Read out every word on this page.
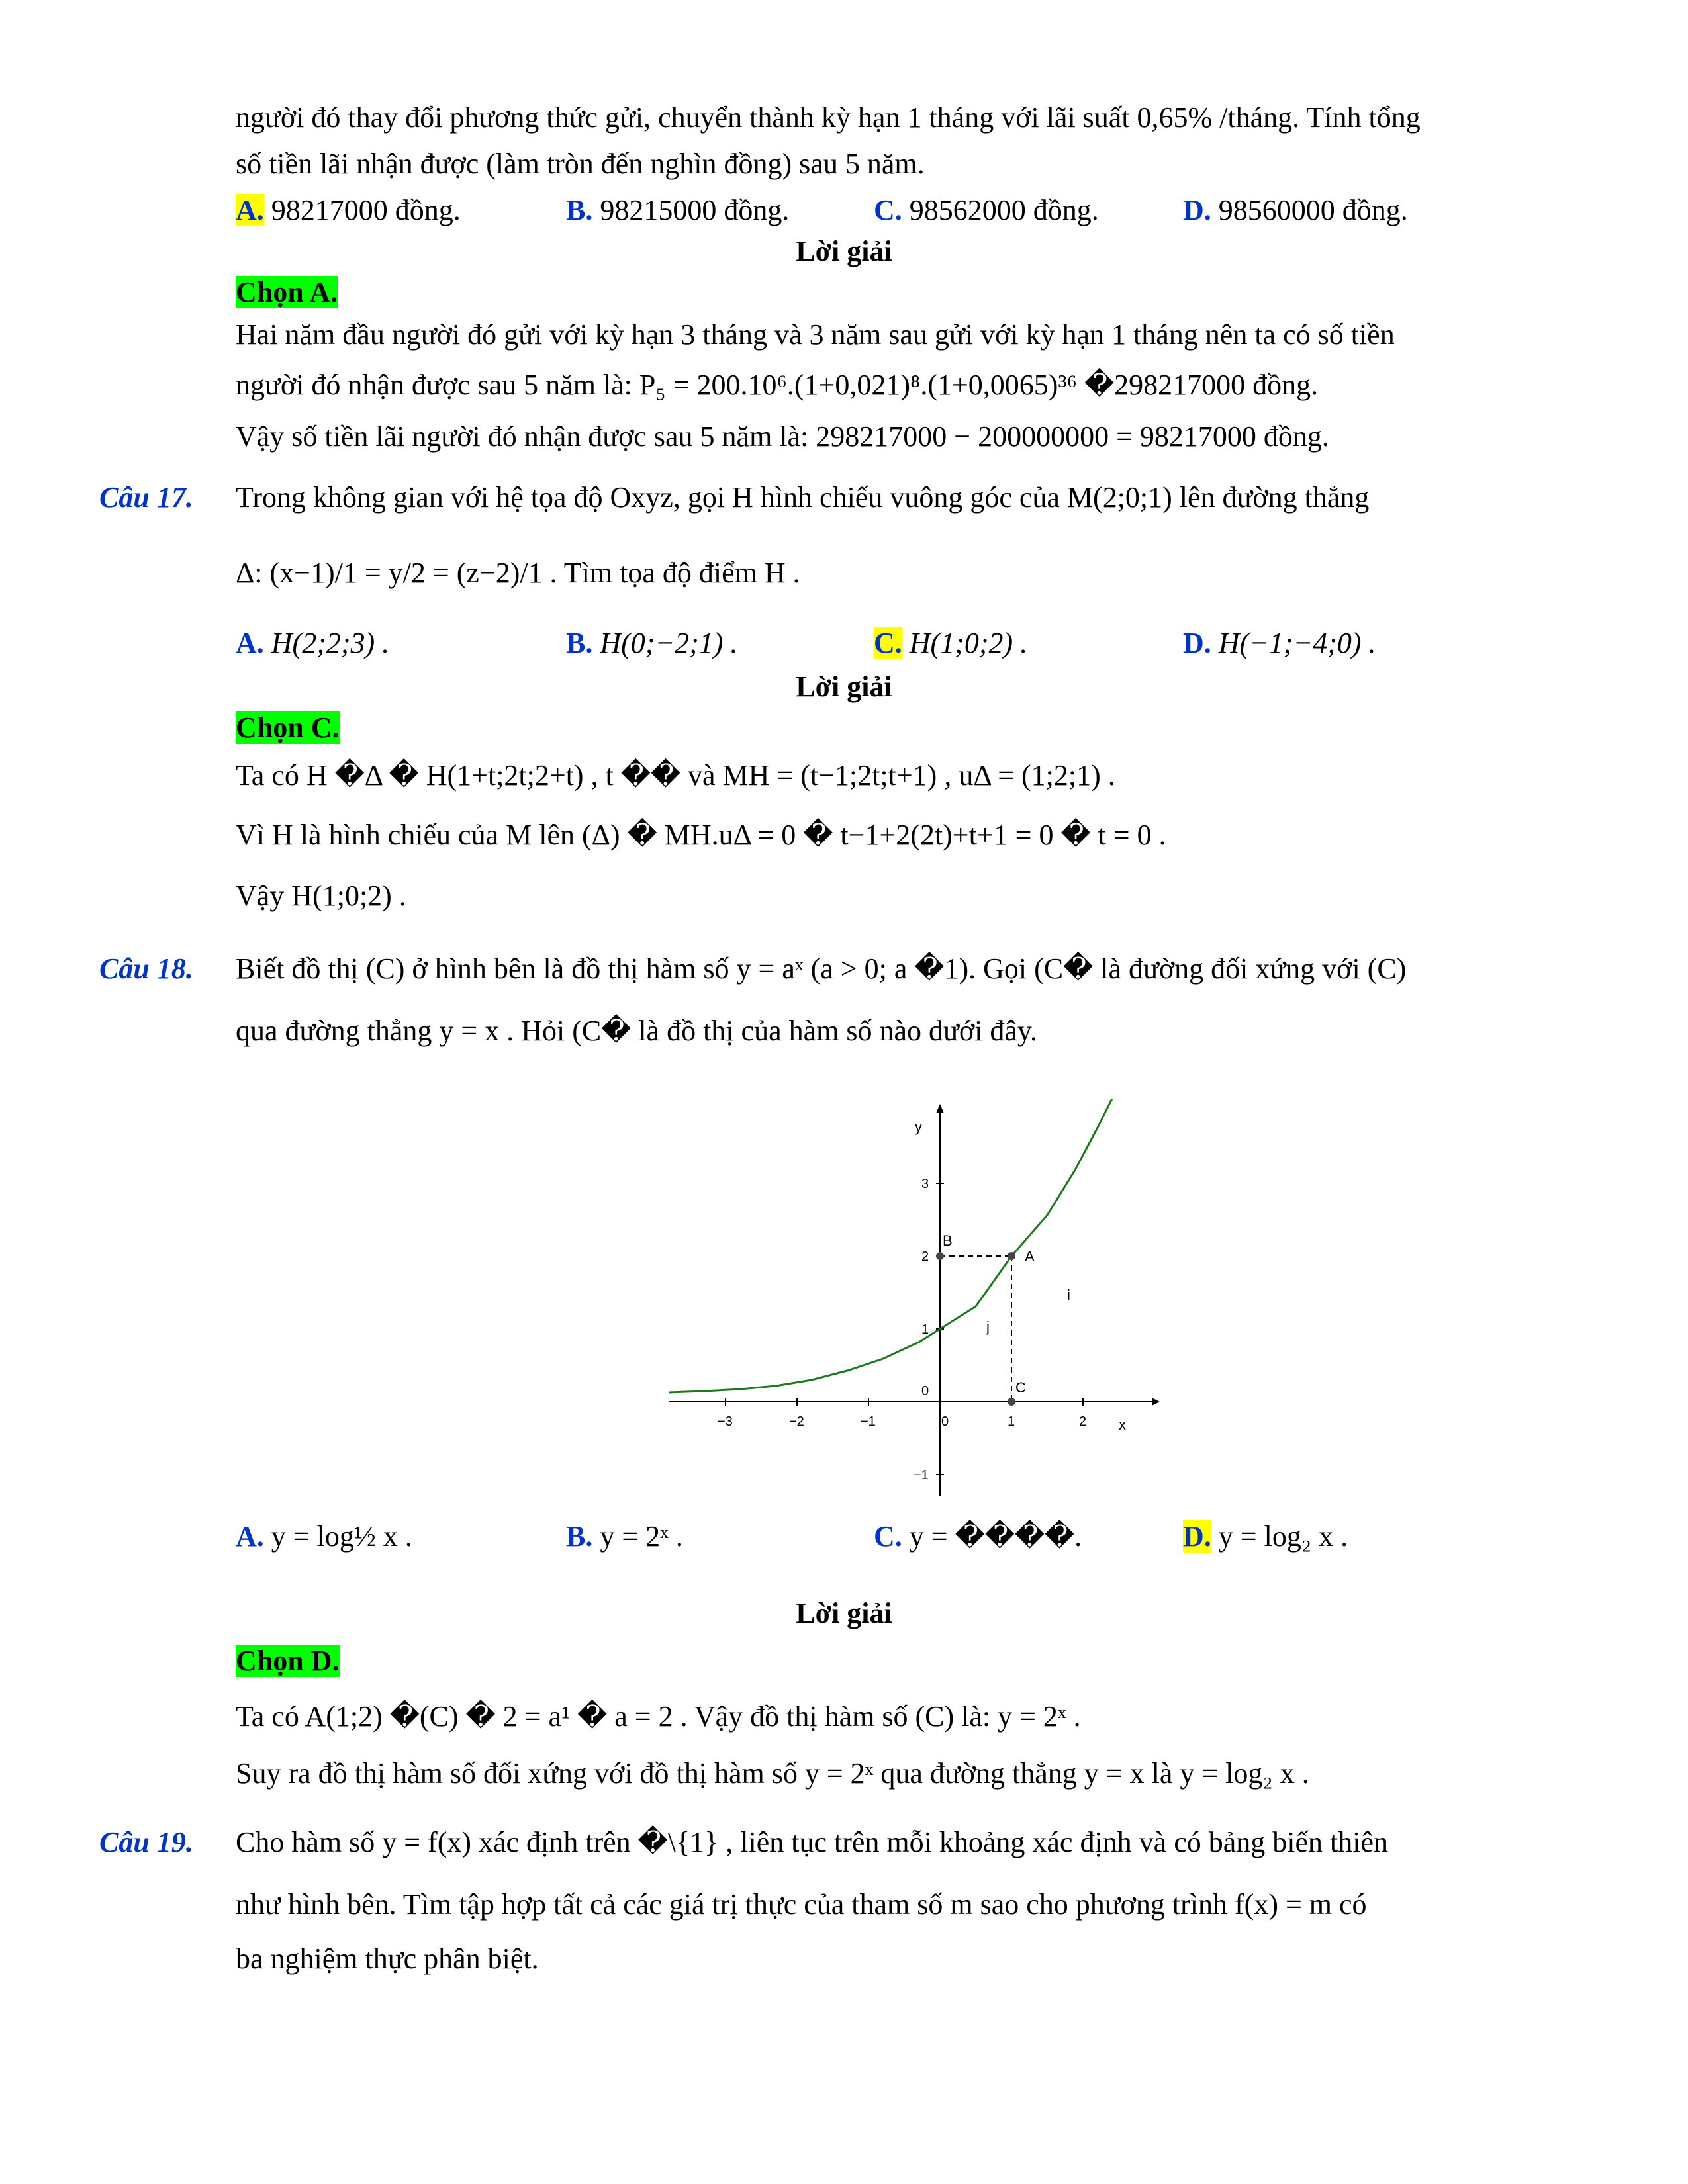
người đó thay đổi phương thức gửi, chuyển thành kỳ hạn 1 tháng với lãi suất 0,65% /tháng. Tính tổng
số tiền lãi nhận được (làm tròn đến nghìn đồng) sau 5 năm.
A. 98217000 đồng.	B. 98215000 đồng.	C. 98562000 đồng.	D. 98560000 đồng.
Lời giải
Chọn A.
Hai năm đầu người đó gửi với kỳ hạn 3 tháng và 3 năm sau gửi với kỳ hạn 1 tháng nên ta có số tiền
người đó nhận được sau 5 năm là: P₅ = 200.10⁶.(1+0,021)⁸.(1+0,0065)³⁶ �298217000 đồng.
Vậy số tiền lãi người đó nhận được sau 5 năm là: 298217000 − 200000000 = 98217000 đồng.
Câu 17. Trong không gian với hệ tọa độ Oxyz, gọi H hình chiếu vuông góc của M(2;0;1) lên đường thẳng
Δ: (x−1)/1 = y/2 = (z−2)/1 . Tìm tọa độ điểm H .
A. H(2;2;3) .	B. H(0;−2;1) .	C. H(1;0;2) .	D. H(−1;−4;0) .
Lời giải
Chọn C.
Ta có H �Δ � H(1+t;2t;2+t) , t �� và MH = (t−1;2t;t+1) , uΔ = (1;2;1) .
Vì H là hình chiếu của M lên (Δ) � MH.uΔ = 0 � t−1+2(2t)+t+1 = 0 � t = 0 .
Vậy H(1;0;2) .
Câu 18. Biết đồ thị (C) ở hình bên là đồ thị hàm số y = aˣ (a > 0; a �1). Gọi (C� là đường đối xứng với (C)
qua đường thẳng y = x . Hỏi (C� là đồ thị của hàm số nào dưới đây.
y
x
−3	−2	−1	0	1	2
3
2
1
0
−1
B
A
C
i
j
A. y = log½ x .	B. y = 2ˣ .	C. y = ����.	D. y = log₂ x .
Lời giải
Chọn D.
Ta có A(1;2) �(C) � 2 = a¹ � a = 2 . Vậy đồ thị hàm số (C) là: y = 2ˣ .
Suy ra đồ thị hàm số đối xứng với đồ thị hàm số y = 2ˣ qua đường thẳng y = x là y = log₂ x .
Câu 19. Cho hàm số y = f(x) xác định trên �\{1} , liên tục trên mỗi khoảng xác định và có bảng biến thiên
như hình bên. Tìm tập hợp tất cả các giá trị thực của tham số m sao cho phương trình f(x) = m có
ba nghiệm thực phân biệt.
